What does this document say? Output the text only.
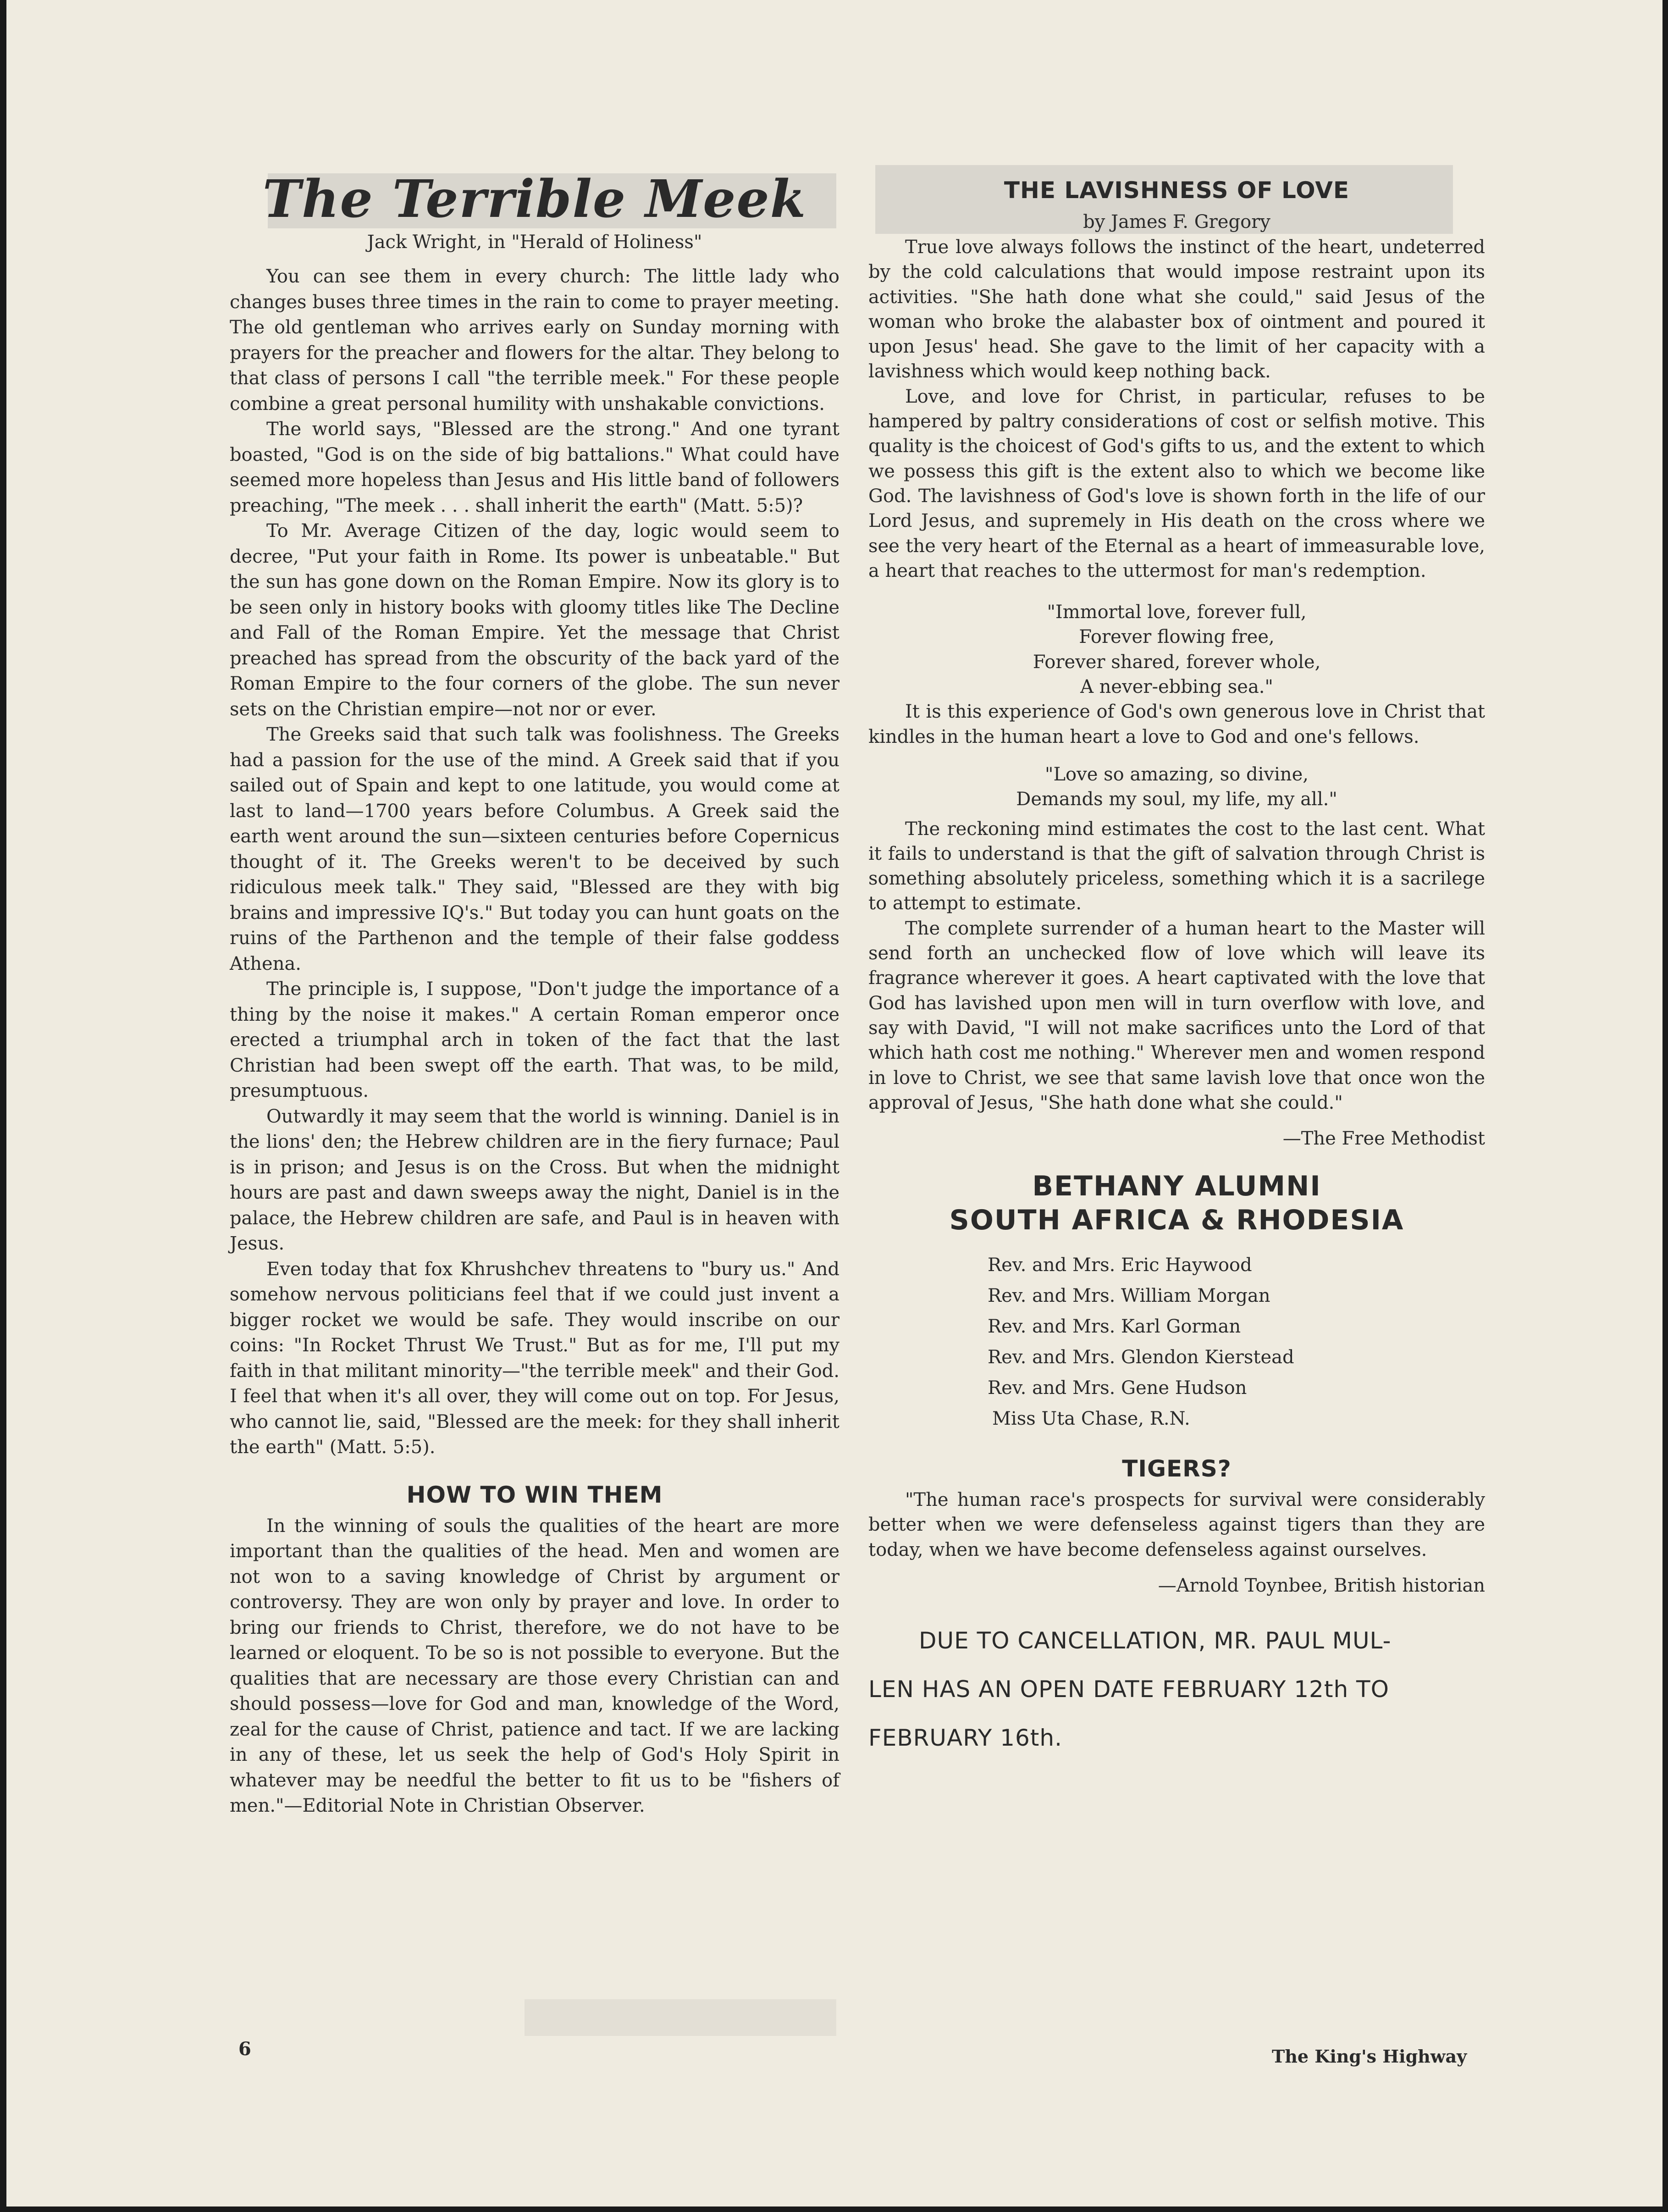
The Terrible Meek
Jack Wright, in "Herald of Holiness"

You can see them in every church: The little lady who changes buses three times in the rain to come to prayer meeting. The old gentleman who arrives early on Sunday morning with prayers for the preacher and flowers for the altar. They belong to that class of persons I call "the terrible meek." For these people combine a great personal humility with unshakable convictions.

The world says, "Blessed are the strong." And one tyrant boasted, "God is on the side of big battalions." What could have seemed more hopeless than Jesus and His little band of followers preaching, "The meek . . . shall inherit the earth" (Matt. 5:5)?

To Mr. Average Citizen of the day, logic would seem to decree, "Put your faith in Rome. Its power is unbeatable." But the sun has gone down on the Roman Empire. Now its glory is to be seen only in history books with gloomy titles like The Decline and Fall of the Roman Empire. Yet the message that Christ preached has spread from the obscurity of the back yard of the Roman Empire to the four corners of the globe. The sun never sets on the Christian empire—not nor or ever.

The Greeks said that such talk was foolishness. The Greeks had a passion for the use of the mind. A Greek said that if you sailed out of Spain and kept to one latitude, you would come at last to land—1700 years before Columbus. A Greek said the earth went around the sun—sixteen centuries before Copernicus thought of it. The Greeks weren't to be deceived by such ridiculous meek talk." They said, "Blessed are they with big brains and impressive IQ's." But today you can hunt goats on the ruins of the Parthenon and the temple of their false goddess Athena.

The principle is, I suppose, "Don't judge the importance of a thing by the noise it makes." A certain Roman emperor once erected a triumphal arch in token of the fact that the last Christian had been swept off the earth. That was, to be mild, presumptuous.

Outwardly it may seem that the world is winning. Daniel is in the lions' den; the Hebrew children are in the fiery furnace; Paul is in prison; and Jesus is on the Cross. But when the midnight hours are past and dawn sweeps away the night, Daniel is in the palace, the Hebrew children are safe, and Paul is in heaven with Jesus.

Even today that fox Khrushchev threatens to "bury us." And somehow nervous politicians feel that if we could just invent a bigger rocket we would be safe. They would inscribe on our coins: "In Rocket Thrust We Trust." But as for me, I'll put my faith in that militant minority—"the terrible meek" and their God. I feel that when it's all over, they will come out on top. For Jesus, who cannot lie, said, "Blessed are the meek: for they shall inherit the earth" (Matt. 5:5).

HOW TO WIN THEM

In the winning of souls the qualities of the heart are more important than the qualities of the head. Men and women are not won to a saving knowledge of Christ by argument or controversy. They are won only by prayer and love. In order to bring our friends to Christ, therefore, we do not have to be learned or eloquent. To be so is not possible to everyone. But the qualities that are necessary are those every Christian can and should possess—love for God and man, knowledge of the Word, zeal for the cause of Christ, patience and tact. If we are lacking in any of these, let us seek the help of God's Holy Spirit in whatever may be needful the better to fit us to be "fishers of men."—Editorial Note in Christian Observer.

THE LAVISHNESS OF LOVE
by James F. Gregory

True love always follows the instinct of the heart, undeterred by the cold calculations that would impose restraint upon its activities. "She hath done what she could," said Jesus of the woman who broke the alabaster box of ointment and poured it upon Jesus' head. She gave to the limit of her capacity with a lavishness which would keep nothing back.

Love, and love for Christ, in particular, refuses to be hampered by paltry considerations of cost or selfish motive. This quality is the choicest of God's gifts to us, and the extent to which we possess this gift is the extent also to which we become like God. The lavishness of God's love is shown forth in the life of our Lord Jesus, and supremely in His death on the cross where we see the very heart of the Eternal as a heart of immeasurable love, a heart that reaches to the uttermost for man's redemption.

"Immortal love, forever full,
Forever flowing free,
Forever shared, forever whole,
A never-ebbing sea."

It is this experience of God's own generous love in Christ that kindles in the human heart a love to God and one's fellows.

"Love so amazing, so divine,
Demands my soul, my life, my all."

The reckoning mind estimates the cost to the last cent. What it fails to understand is that the gift of salvation through Christ is something absolutely priceless, something which it is a sacrilege to attempt to estimate.

The complete surrender of a human heart to the Master will send forth an unchecked flow of love which will leave its fragrance wherever it goes. A heart captivated with the love that God has lavished upon men will in turn overflow with love, and say with David, "I will not make sacrifices unto the Lord of that which hath cost me nothing." Wherever men and women respond in love to Christ, we see that same lavish love that once won the approval of Jesus, "She hath done what she could."

—The Free Methodist
BETHANY ALUMNI
SOUTH AFRICA & RHODESIA
Rev. and Mrs. Eric Haywood
Rev. and Mrs. William Morgan
Rev. and Mrs. Karl Gorman
Rev. and Mrs. Glendon Kierstead
Rev. and Mrs. Gene Hudson
Miss Uta Chase, R.N.
TIGERS?

"The human race's prospects for survival were considerably better when we were defenseless against tigers than they are today, when we have become defenseless against ourselves.

—Arnold Toynbee, British historian
DUE TO CANCELLATION, MR. PAUL MUL-
LEN HAS AN OPEN DATE FEBRUARY 12th TO
FEBRUARY 16th.
6	The King's Highway
